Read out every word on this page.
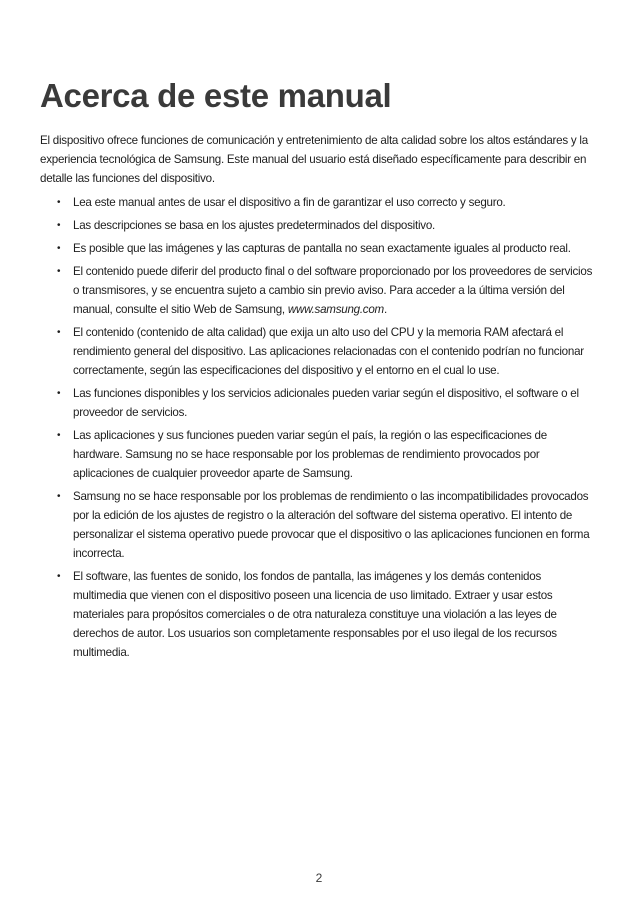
Acerca de este manual

El dispositivo ofrece funciones de comunicación y entretenimiento de alta calidad sobre los altos estándares y la experiencia tecnológica de Samsung. Este manual del usuario está diseñado específicamente para describir en detalle las funciones del dispositivo.

• Lea este manual antes de usar el dispositivo a fin de garantizar el uso correcto y seguro.
• Las descripciones se basa en los ajustes predeterminados del dispositivo.
• Es posible que las imágenes y las capturas de pantalla no sean exactamente iguales al producto real.
• El contenido puede diferir del producto final o del software proporcionado por los proveedores de servicios o transmisores, y se encuentra sujeto a cambio sin previo aviso. Para acceder a la última versión del manual, consulte el sitio Web de Samsung, www.samsung.com.
• El contenido (contenido de alta calidad) que exija un alto uso del CPU y la memoria RAM afectará el rendimiento general del dispositivo. Las aplicaciones relacionadas con el contenido podrían no funcionar correctamente, según las especificaciones del dispositivo y el entorno en el cual lo use.
• Las funciones disponibles y los servicios adicionales pueden variar según el dispositivo, el software o el proveedor de servicios.
• Las aplicaciones y sus funciones pueden variar según el país, la región o las especificaciones de hardware. Samsung no se hace responsable por los problemas de rendimiento provocados por aplicaciones de cualquier proveedor aparte de Samsung.
• Samsung no se hace responsable por los problemas de rendimiento o las incompatibilidades provocados por la edición de los ajustes de registro o la alteración del software del sistema operativo. El intento de personalizar el sistema operativo puede provocar que el dispositivo o las aplicaciones funcionen en forma incorrecta.
• El software, las fuentes de sonido, los fondos de pantalla, las imágenes y los demás contenidos multimedia que vienen con el dispositivo poseen una licencia de uso limitado. Extraer y usar estos materiales para propósitos comerciales o de otra naturaleza constituye una violación a las leyes de derechos de autor. Los usuarios son completamente responsables por el uso ilegal de los recursos multimedia.
2
